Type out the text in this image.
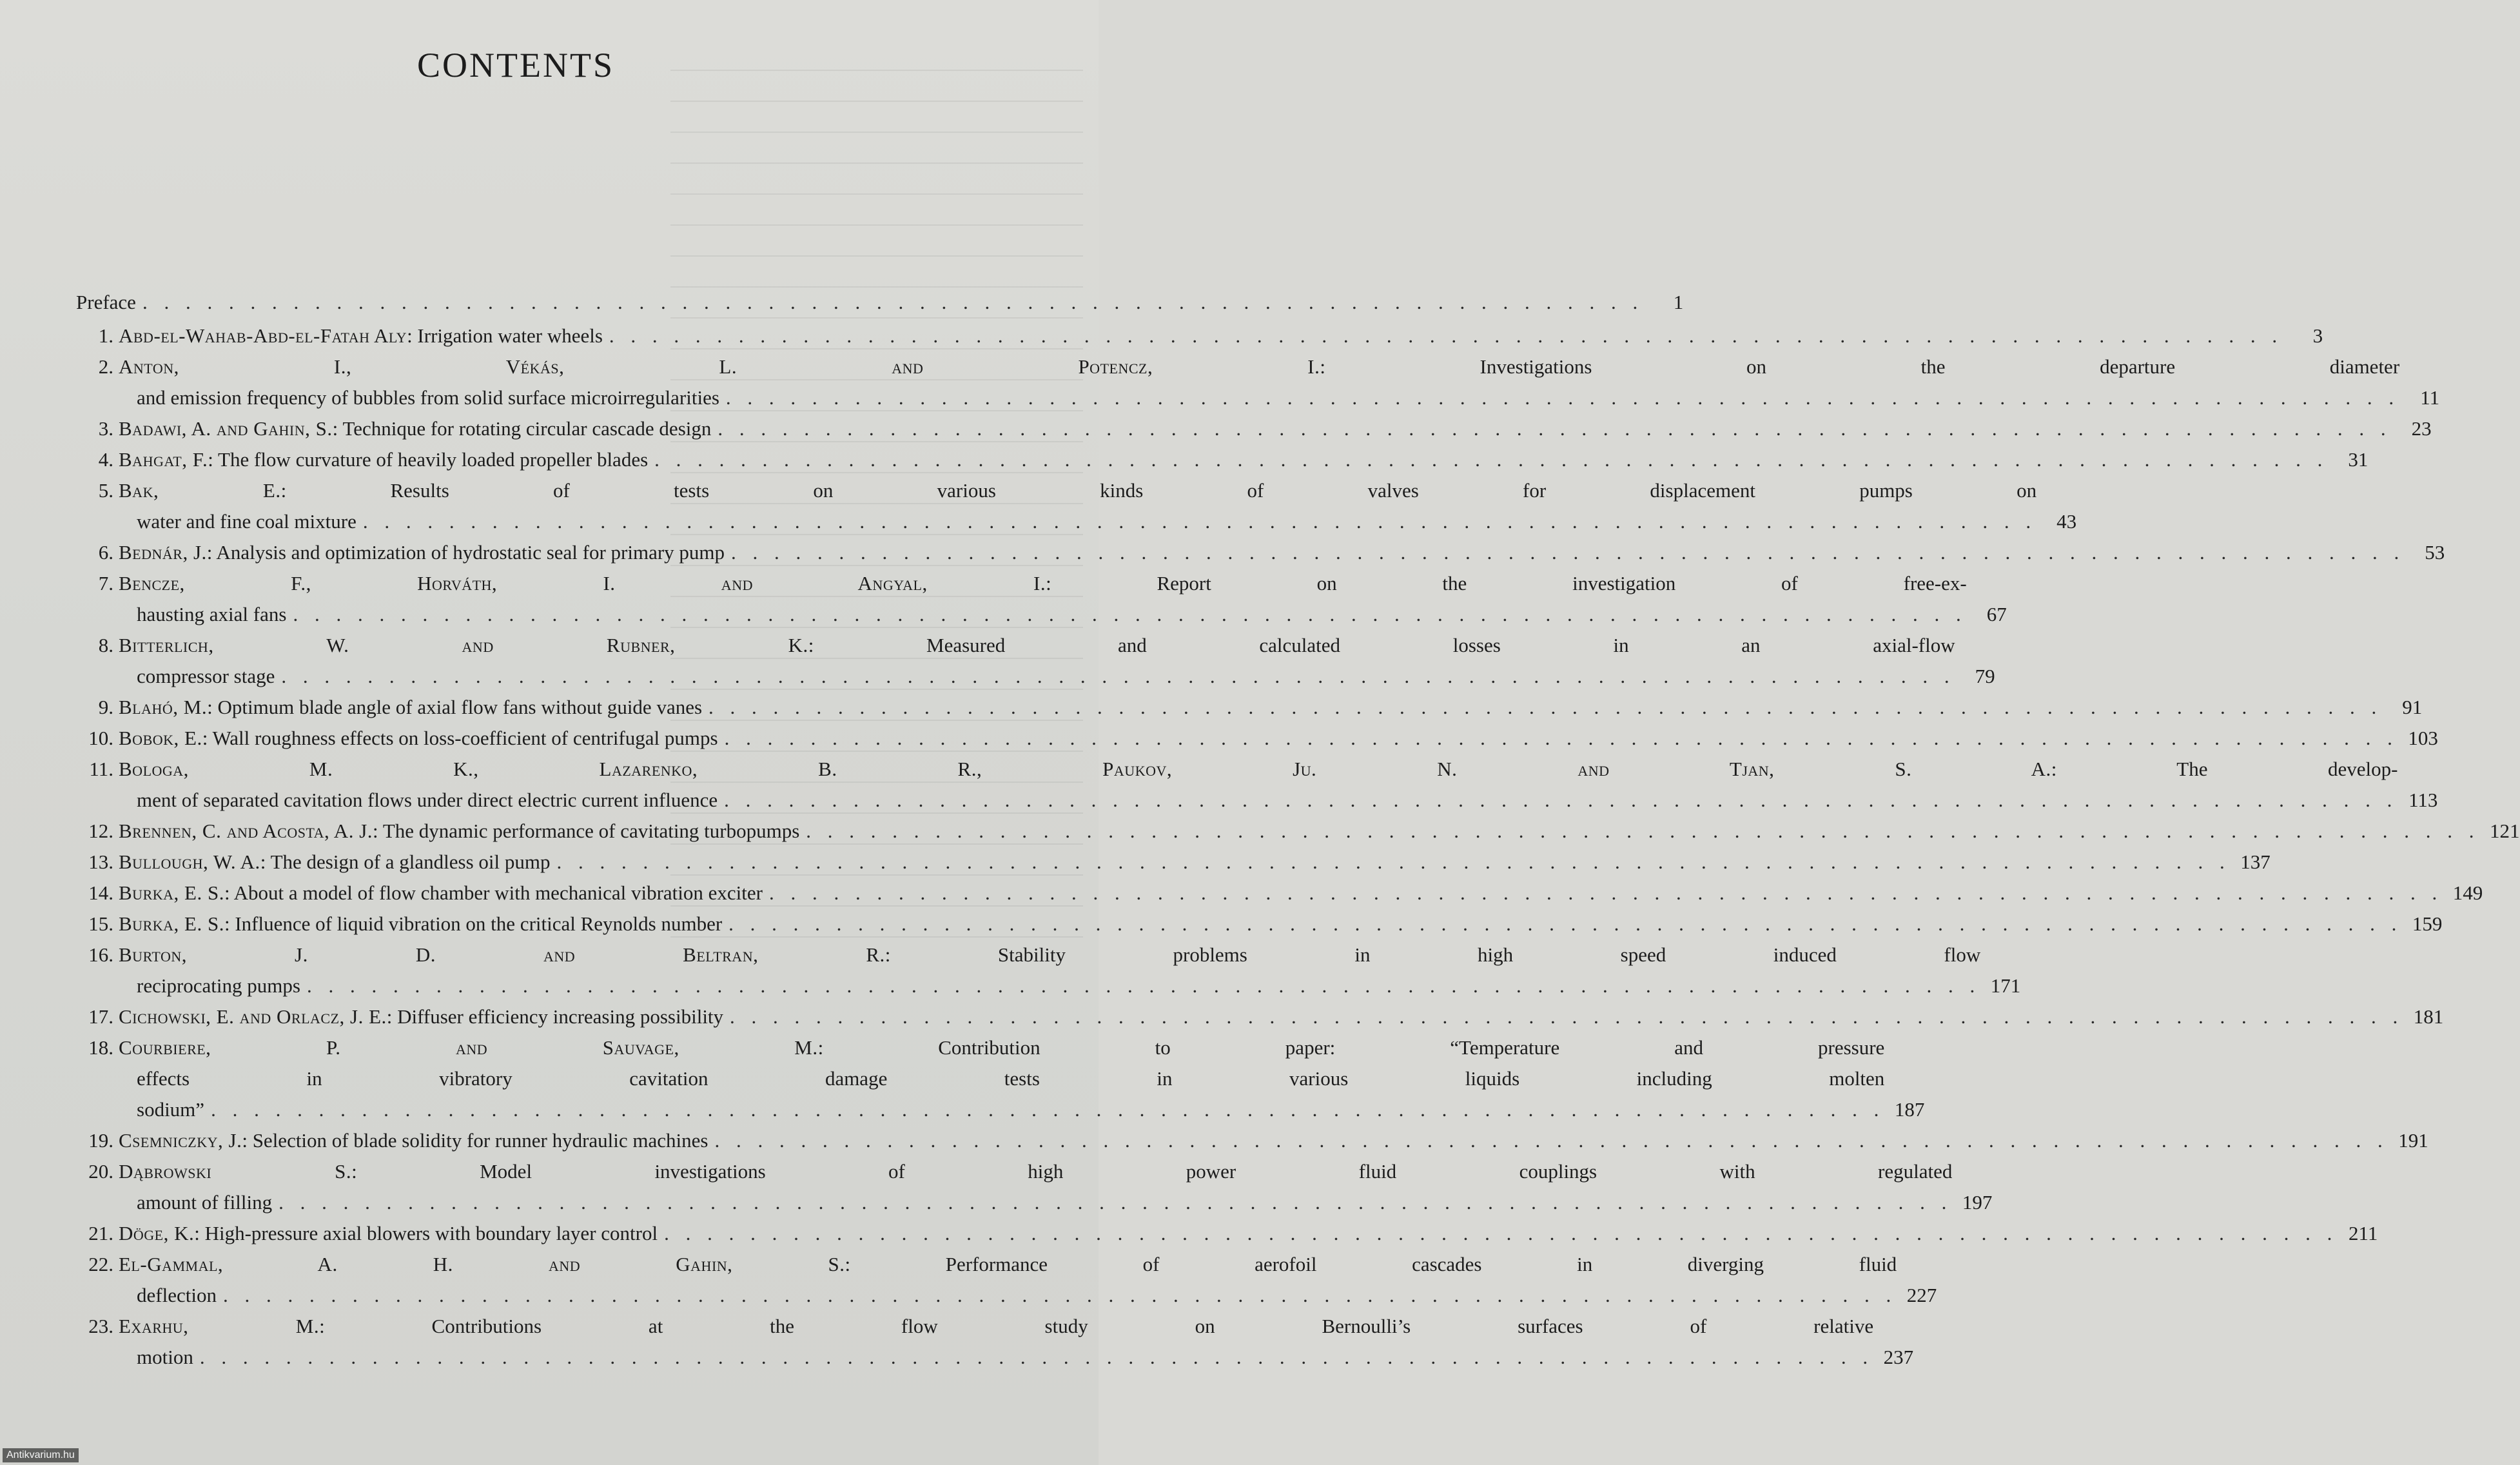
CONTENTS
Preface . . . . . . . . . . . . . . . . . . . . . . . . . . . . . . . . . . . . . . . . . . . . . . . . . . . . . . . . . . . . . . . . . . . . . .	1
1. Abd-el-Wahab-Abd-el-Fatah Aly: Irrigation water wheels . . . . . . . . . . . . . . . . . . . . . . . . . . . . . . . . . . . . . . . . . . . . . . . . . . . . . . . . . . . . . . . . . . . . . . . . . . . . . .	3
2. Anton, I., Vékás, L. and Potencz, I.: Investigations on the departure diameter
and emission frequency of bubbles from solid surface microirregularities . . . . . . . . . . . . . . . . . . . . . . . . . . . . . . . . . . . . . . . . . . . . . . . . . . . . . . . . . . . . . . . . . . . . . . . . . . . . . .	11
3. Badawi, A. and Gahin, S.: Technique for rotating circular cascade design . . . . . . . . . . . . . . . . . . . . . . . . . . . . . . . . . . . . . . . . . . . . . . . . . . . . . . . . . . . . . . . . . . . . . . . . . . . . . .	23
4. Bahgat, F.: The flow curvature of heavily loaded propeller blades . . . . . . . . . . . . . . . . . . . . . . . . . . . . . . . . . . . . . . . . . . . . . . . . . . . . . . . . . . . . . . . . . . . . . . . . . . . . . .	31
5. Bak, E.: Results of tests on various kinds of valves for displacement pumps on
water and fine coal mixture . . . . . . . . . . . . . . . . . . . . . . . . . . . . . . . . . . . . . . . . . . . . . . . . . . . . . . . . . . . . . . . . . . . . . . . . . . . . . .	43
6. Bednár, J.: Analysis and optimization of hydrostatic seal for primary pump . . . . . . . . . . . . . . . . . . . . . . . . . . . . . . . . . . . . . . . . . . . . . . . . . . . . . . . . . . . . . . . . . . . . . . . . . . . . . .	53
7. Bencze, F., Horváth, I. and Angyal, I.: Report on the investigation of free-ex-
hausting axial fans . . . . . . . . . . . . . . . . . . . . . . . . . . . . . . . . . . . . . . . . . . . . . . . . . . . . . . . . . . . . . . . . . . . . . . . . . . . . . .	67
8. Bitterlich, W. and Rubner, K.: Measured and calculated losses in an axial-flow
compressor stage . . . . . . . . . . . . . . . . . . . . . . . . . . . . . . . . . . . . . . . . . . . . . . . . . . . . . . . . . . . . . . . . . . . . . . . . . . . . . .	79
9. Blahó, M.: Optimum blade angle of axial flow fans without guide vanes . . . . . . . . . . . . . . . . . . . . . . . . . . . . . . . . . . . . . . . . . . . . . . . . . . . . . . . . . . . . . . . . . . . . . . . . . . . . . .	91
10. Bobok, E.: Wall roughness effects on loss-coefficient of centrifugal pumps . . . . . . . . . . . . . . . . . . . . . . . . . . . . . . . . . . . . . . . . . . . . . . . . . . . . . . . . . . . . . . . . . . . . . . . . . . . . . . 103
11. Bologa, M. K., Lazarenko, B. R., Paukov, Ju. N. and Tjan, S. A.: The develop-
ment of separated cavitation flows under direct electric current influence . . . . . . . . . . . . . . . . . . . . . . . . . . . . . . . . . . . . . . . . . . . . . . . . . . . . . . . . . . . . . . . . . . . . . . . . . . . . . . 113
12. Brennen, C. and Acosta, A. J.: The dynamic performance of cavitating turbopumps . . . . . . . . . . . . . . . . . . . . . . . . . . . . . . . . . . . . . . . . . . . . . . . . . . . . . . . . . . . . . . . . . . . . . . . . . . . . . . 121
13. Bullough, W. A.: The design of a glandless oil pump . . . . . . . . . . . . . . . . . . . . . . . . . . . . . . . . . . . . . . . . . . . . . . . . . . . . . . . . . . . . . . . . . . . . . . . . . . . . . . 137
14. Burka, E. S.: About a model of flow chamber with mechanical vibration exciter . . . . . . . . . . . . . . . . . . . . . . . . . . . . . . . . . . . . . . . . . . . . . . . . . . . . . . . . . . . . . . . . . . . . . . . . . . . . . . 149
15. Burka, E. S.: Influence of liquid vibration on the critical Reynolds number . . . . . . . . . . . . . . . . . . . . . . . . . . . . . . . . . . . . . . . . . . . . . . . . . . . . . . . . . . . . . . . . . . . . . . . . . . . . . . 159
16. Burton, J. D. and Beltran, R.: Stability problems in high speed induced flow
reciprocating pumps . . . . . . . . . . . . . . . . . . . . . . . . . . . . . . . . . . . . . . . . . . . . . . . . . . . . . . . . . . . . . . . . . . . . . . . . . . . . . . 171
17. Cichowski, E. and Orlacz, J. E.: Diffuser efficiency increasing possibility . . . . . . . . . . . . . . . . . . . . . . . . . . . . . . . . . . . . . . . . . . . . . . . . . . . . . . . . . . . . . . . . . . . . . . . . . . . . . . 181
18. Courbiere, P. and Sauvage, M.: Contribution to paper: “Temperature and pressure
effects in vibratory cavitation damage tests in various liquids including molten
sodium” . . . . . . . . . . . . . . . . . . . . . . . . . . . . . . . . . . . . . . . . . . . . . . . . . . . . . . . . . . . . . . . . . . . . . . . . . . . . . . 187
19. Csemniczky, J.: Selection of blade solidity for runner hydraulic machines . . . . . . . . . . . . . . . . . . . . . . . . . . . . . . . . . . . . . . . . . . . . . . . . . . . . . . . . . . . . . . . . . . . . . . . . . . . . . . 191
20. Dąbrowski S.: Model investigations of high power fluid couplings with regulated
amount of filling . . . . . . . . . . . . . . . . . . . . . . . . . . . . . . . . . . . . . . . . . . . . . . . . . . . . . . . . . . . . . . . . . . . . . . . . . . . . . . 197
21. Döge, K.: High-pressure axial blowers with boundary layer control . . . . . . . . . . . . . . . . . . . . . . . . . . . . . . . . . . . . . . . . . . . . . . . . . . . . . . . . . . . . . . . . . . . . . . . . . . . . . . 211
22. El-Gammal, A. H. and Gahin, S.: Performance of aerofoil cascades in diverging fluid
deflection . . . . . . . . . . . . . . . . . . . . . . . . . . . . . . . . . . . . . . . . . . . . . . . . . . . . . . . . . . . . . . . . . . . . . . . . . . . . . . 227
23. Exarhu, M.: Contributions at the flow study on Bernoulli’s surfaces of relative
motion . . . . . . . . . . . . . . . . . . . . . . . . . . . . . . . . . . . . . . . . . . . . . . . . . . . . . . . . . . . . . . . . . . . . . . . . . . . . . . 237
Antikvarium.hu
